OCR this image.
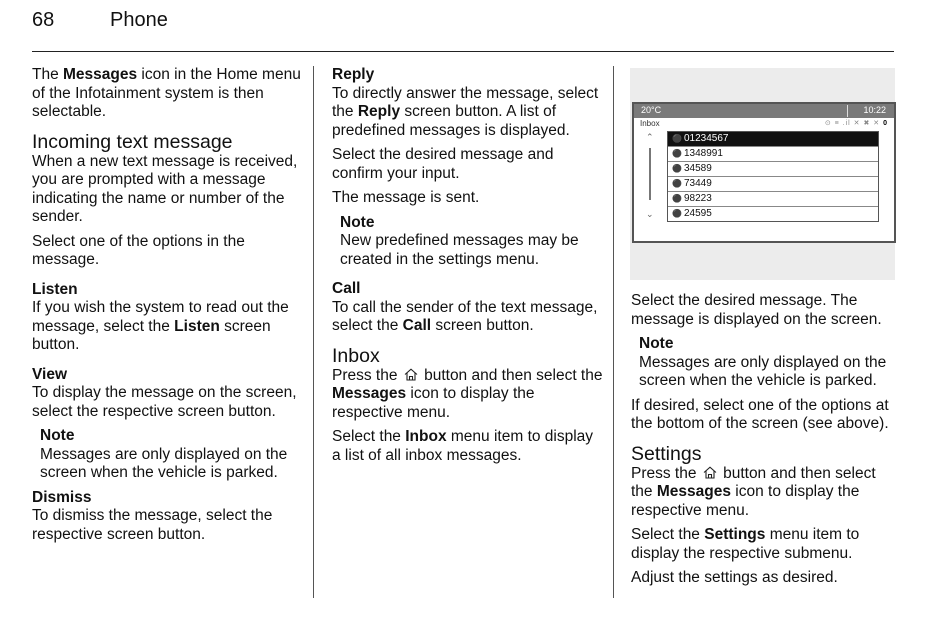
68	Phone

The Messages icon in the Home menu of the Infotainment system is then selectable.

Incoming text message

When a new text message is received, you are prompted with a message indicating the name or number of the sender.

Select one of the options in the message.

Listen

If you wish the system to read out the message, select the Listen screen button.

View

To display the message on the screen, select the respective screen button.

Note
Messages are only displayed on the screen when the vehicle is parked.
Dismiss

To dismiss the message, select the respective screen button.

Reply

To directly answer the message, select the Reply screen button. A list of predefined messages is displayed.

Select the desired message and confirm your input.

The message is sent.

Note
New predefined messages may be created in the settings menu.
Call

To call the sender of the text message, select the Call screen button.

Inbox

Press the  button and then select the Messages icon to display the respective menu.

Select the Inbox menu item to display a list of all inbox messages.

20°C	10:22
Inbox	⊙ ≡ .il ✕ ✖ ✕ 0
⌃
⌄
⚫ 01234567
⚫ 1348991
⚫ 34589
⚫ 73449
⚫ 98223
⚫ 24595

Select the desired message. The message is displayed on the screen.

Note
Messages are only displayed on the screen when the vehicle is parked.

If desired, select one of the options at the bottom of the screen (see above).

Settings

Press the  button and then select the Messages icon to display the respective menu.

Select the Settings menu item to display the respective submenu.

Adjust the settings as desired.
